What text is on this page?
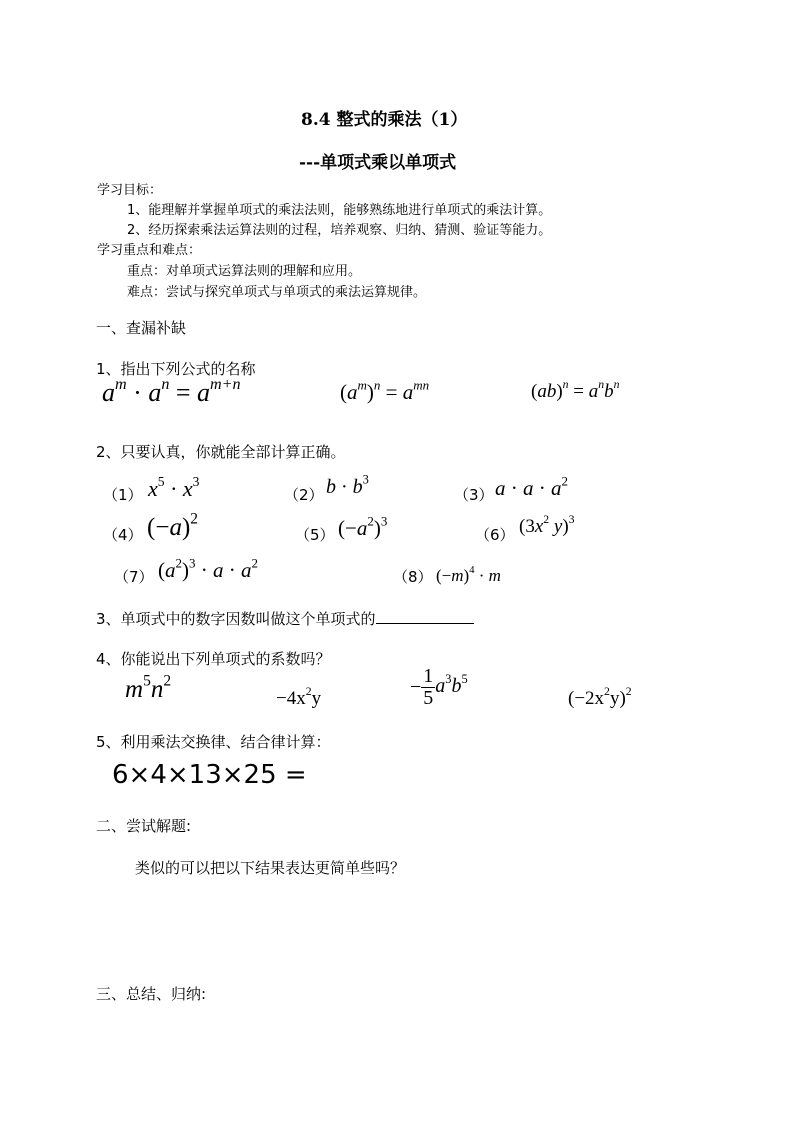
8.4 整式的乘法（1）
---单项式乘以单项式
学习目标：
1、能理解并掌握单项式的乘法法则，能够熟练地进行单项式的乘法计算。
2、经历探索乘法运算法则的过程，培养观察、归纳、猜测、验证等能力。
学习重点和难点：
重点：对单项式运算法则的理解和应用。
难点：尝试与探究单项式与单项式的乘法运算规律。
一、查漏补缺
1、指出下列公式的名称
$a^m \cdot a^n = a^{m+n}$	$(a^m)^n = a^{mn}$	$(ab)^n = a^nb^n$
2、只要认真，你就能全部计算正确。
（1） $x^5 \cdot x^3$
（2） $b \cdot b^3$
（3） $a \cdot a \cdot a^2$
（4） $(-a)^2$
（5） $(-a^2)^3$
（6） ($3x^2$ y)$^3$
（7） $(a^2)^3 \cdot a \cdot a^2$
（8） $(-m)^4 \cdot m$
3、单项式中的数字因数叫做这个单项式的
4、你能说出下列单项式的系数吗？
$m^5n^2$
$-4x^2y$
− $\frac{1}{5} a^3b^5$
$(-2x^2y)^2$
5、利用乘法交换律、结合律计算：
6×4×13×25 =
二、尝试解题:
类似的可以把以下结果表达更简单些吗？
三、总结、归纳:
